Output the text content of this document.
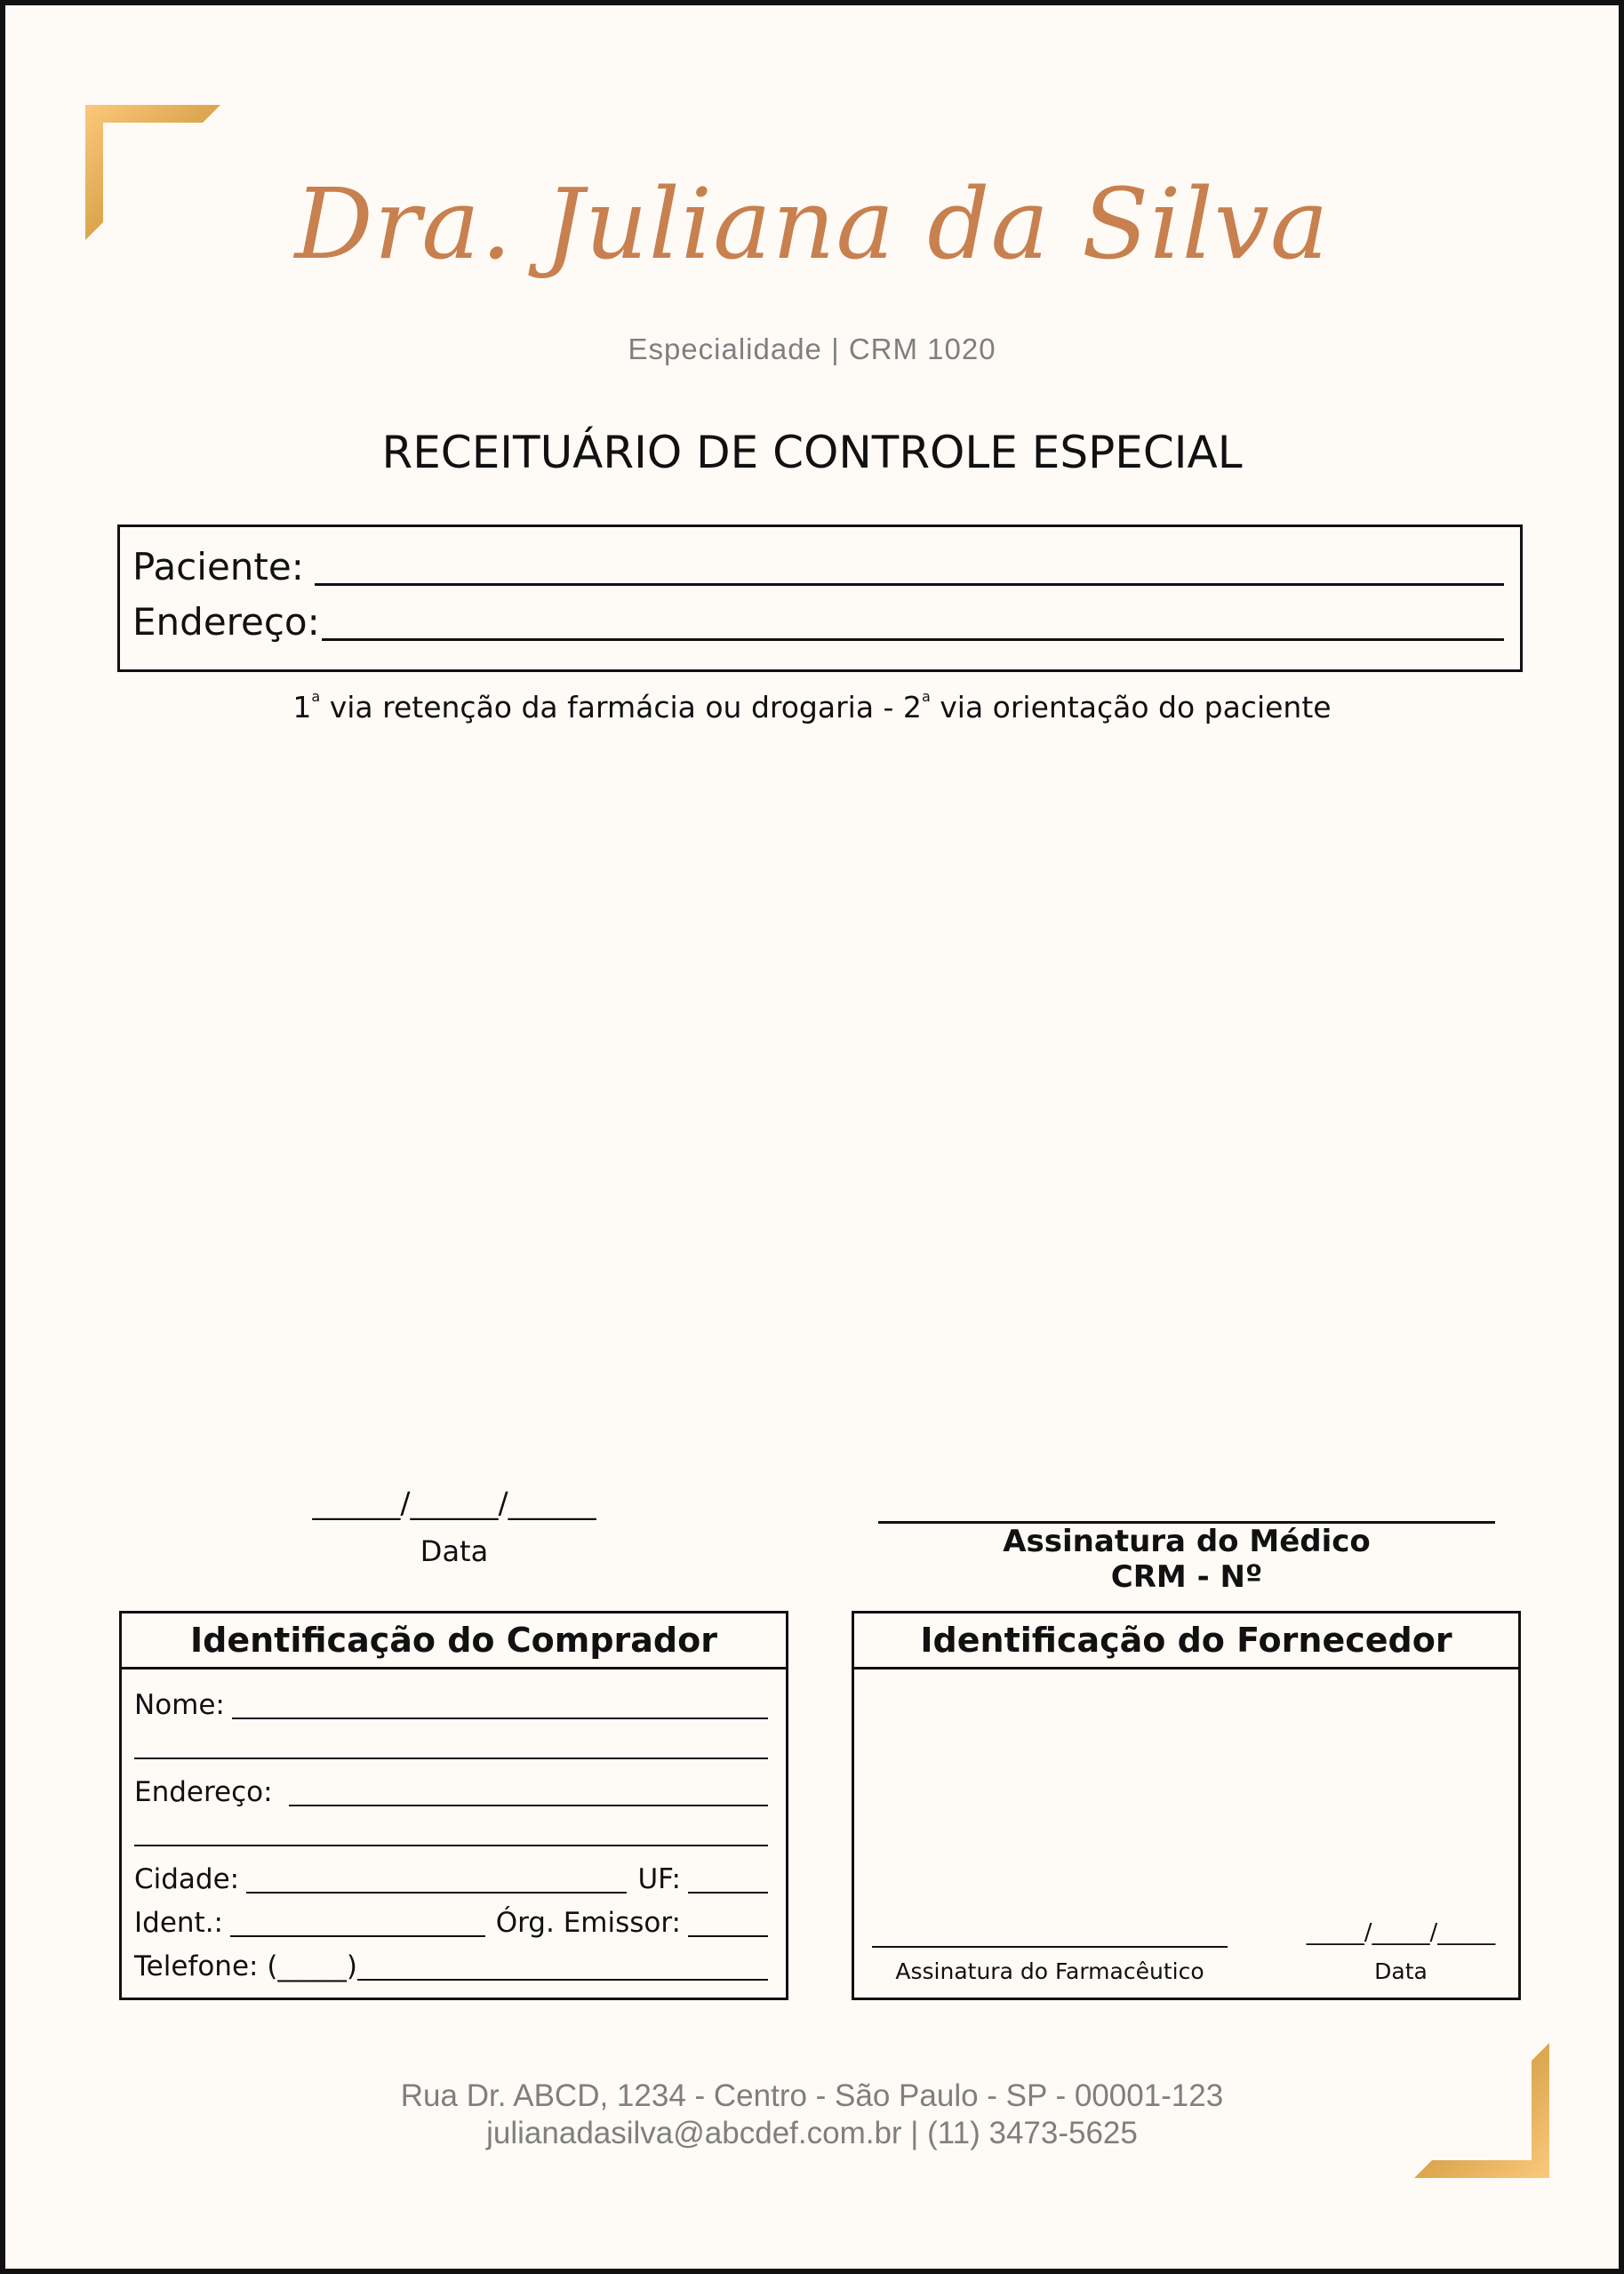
Dra. Juliana da Silva
Especialidade | CRM 1020
RECEITUÁRIO DE CONTROLE ESPECIAL
Paciente:
Endereço:
1$^a$ via retenção da farmácia ou drogaria - 2$^a$ via orientação do paciente
______/______/______
Data	Assinatura do Médico
CRM - Nº
Identificação do Comprador
Nome:
Endereço:
Cidade:	UF:
Ident.:	Órg. Emissor:
Telefone: (_____)
Identificação do Fornecedor
Assinatura do Farmacêutico
_____/_____/_____
Data
Rua Dr. ABCD, 1234 - Centro - São Paulo - SP - 00001-123
julianadasilva@abcdef.com.br | (11) 3473-5625
